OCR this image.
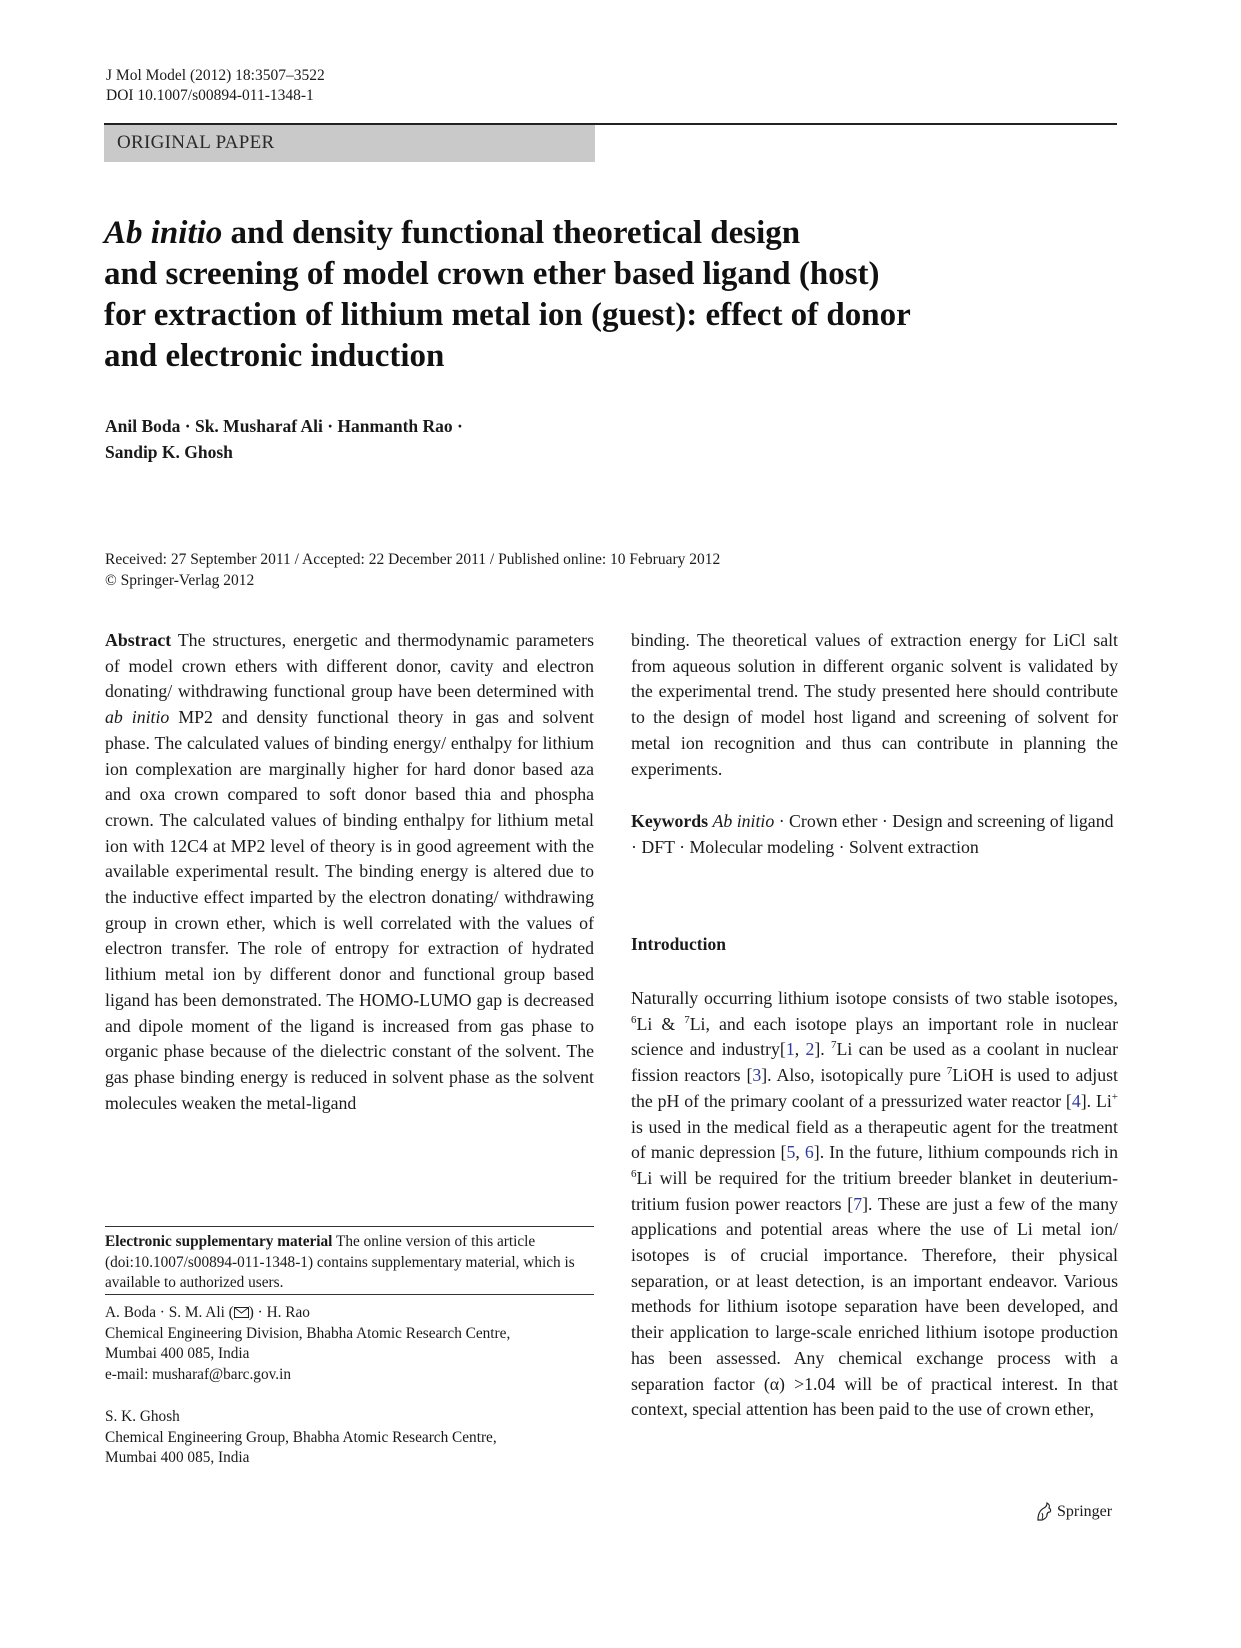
J Mol Model (2012) 18:3507–3522
DOI 10.1007/s00894-011-1348-1
ORIGINAL PAPER
Ab initio and density functional theoretical design
and screening of model crown ether based ligand (host)
for extraction of lithium metal ion (guest): effect of donor
and electronic induction
Anil Boda · Sk. Musharaf Ali · Hanmanth Rao ·
Sandip K. Ghosh
Received: 27 September 2011 / Accepted: 22 December 2011 / Published online: 10 February 2012
© Springer-Verlag 2012

Abstract The structures, energetic and thermodynamic parameters of model crown ethers with different donor, cavity and electron donating/ withdrawing functional group have been determined with ab initio MP2 and density functional theory in gas and solvent phase. The calculated values of binding energy/ enthalpy for lithium ion complexation are marginally higher for hard donor based aza and oxa crown compared to soft donor based thia and phospha crown. The calculated values of binding enthalpy for lithium metal ion with 12C4 at MP2 level of theory is in good agreement with the available experimental result. The binding energy is altered due to the inductive effect imparted by the electron donating/ withdrawing group in crown ether, which is well correlated with the values of electron transfer. The role of entropy for extraction of hydrated lithium metal ion by different donor and functional group based ligand has been demonstrated. The HOMO-LUMO gap is decreased and dipole moment of the ligand is increased from gas phase to organic phase because of the dielectric constant of the solvent. The gas phase binding energy is reduced in solvent phase as the solvent molecules weaken the metal-ligand

binding. The theoretical values of extraction energy for LiCl salt from aqueous solution in different organic solvent is validated by the experimental trend. The study presented here should contribute to the design of model host ligand and screening of solvent for metal ion recognition and thus can contribute in planning the experiments.

Keywords Ab initio · Crown ether · Design and screening of ligand · DFT · Molecular modeling · Solvent extraction
Introduction

Naturally occurring lithium isotope consists of two stable isotopes, $^6$Li & $^7$Li, and each isotope plays an important role in nuclear science and industry[1, 2]. $^7$Li can be used as a coolant in nuclear fission reactors [3]. Also, isotopically pure $^7$LiOH is used to adjust the pH of the primary coolant of a pressurized water reactor [4]. Li+ is used in the medical field as a therapeutic agent for the treatment of manic depression [5, 6]. In the future, lithium compounds rich in $^6$Li will be required for the tritium breeder blanket in deuterium-tritium fusion power reactors [7]. These are just a few of the many applications and potential areas where the use of Li metal ion/ isotopes is of crucial importance. Therefore, their physical separation, or at least detection, is an important endeavor. Various methods for lithium isotope separation have been developed, and their application to large-scale enriched lithium isotope production has been assessed. Any chemical exchange process with a separation factor (α) >1.04 will be of practical interest. In that context, special attention has been paid to the use of crown ether,

Electronic supplementary material The online version of this article (doi:10.1007/s00894-011-1348-1) contains supplementary material, which is available to authorized users.
A. Boda · S. M. Ali ( ) · H. Rao
Chemical Engineering Division, Bhabha Atomic Research Centre,
Mumbai 400 085, India
e-mail: musharaf@barc.gov.in
S. K. Ghosh
Chemical Engineering Group, Bhabha Atomic Research Centre,
Mumbai 400 085, India
Springer
